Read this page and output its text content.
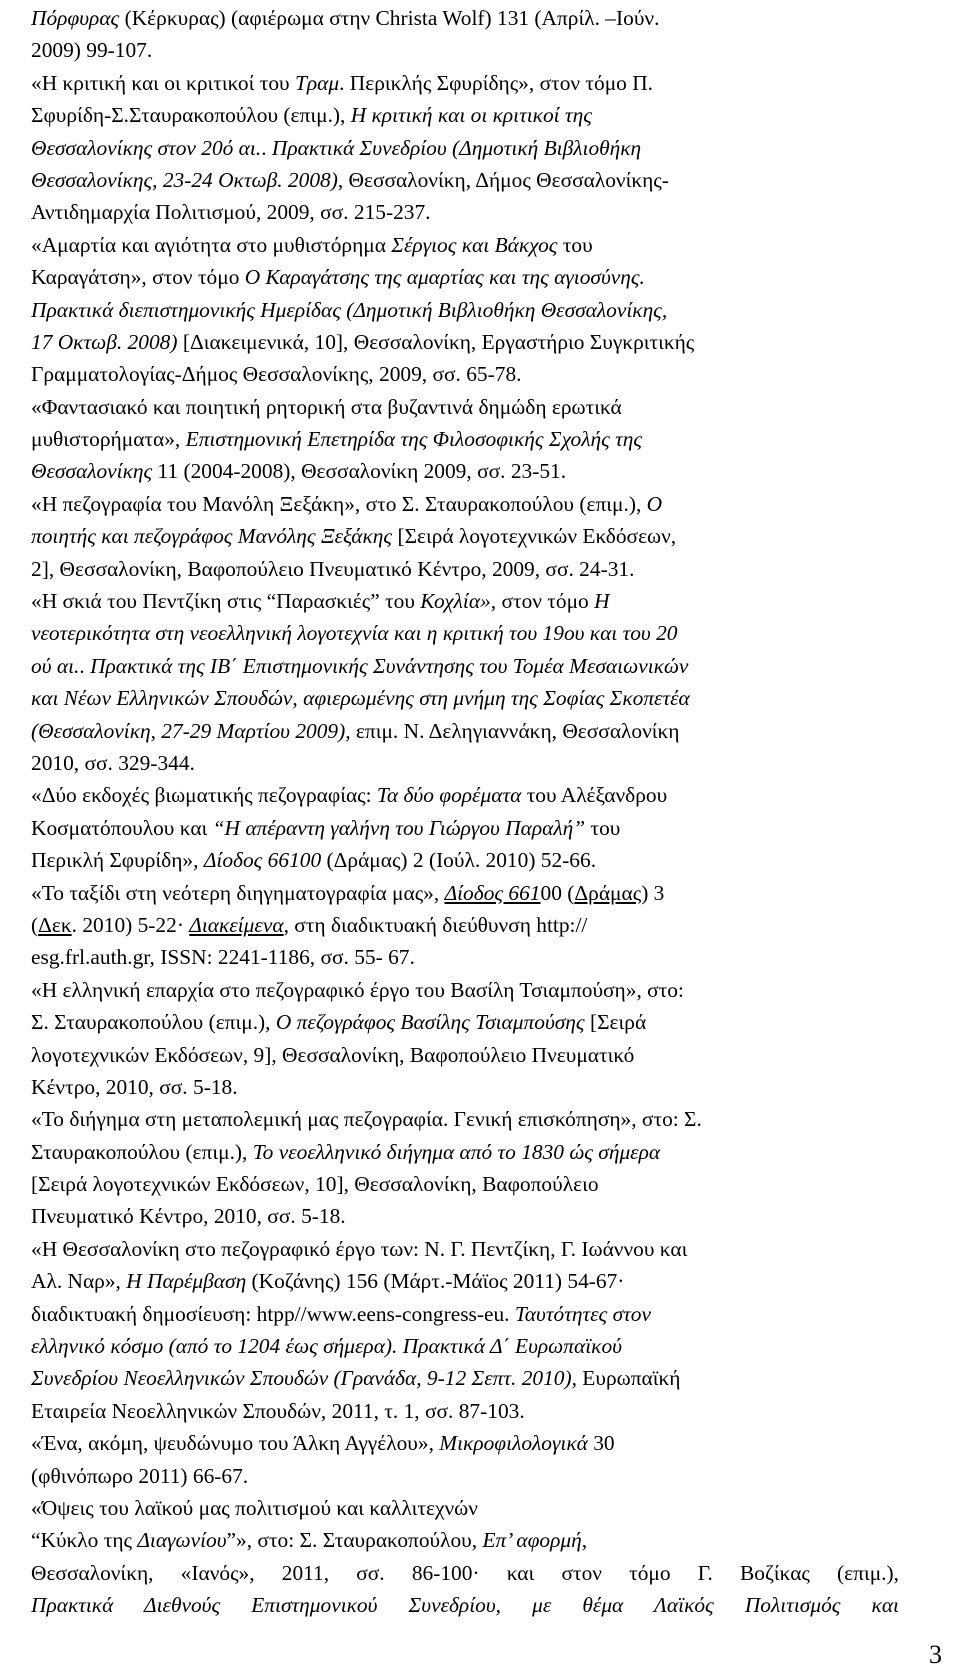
Πόρφυρας (Κέρκυρας) (αφιέρωμα στην Christa Wolf) 131 (Απρίλ. –Ιούν.
2009) 99-107.
«Η κριτική και οι κριτικοί του Τραμ. Περικλής Σφυρίδης», στον τόμο Π.
Σφυρίδη-Σ.Σταυρακοπούλου (επιμ.), Η κριτική και οι κριτικοί της
Θεσσαλονίκης στον 20ό αι.. Πρακτικά Συνεδρίου (Δημοτική Βιβλιοθήκη
Θεσσαλονίκης, 23-24 Οκτωβ. 2008), Θεσσαλονίκη, Δήμος Θεσσαλονίκης-
Αντιδημαρχία Πολιτισμού, 2009, σσ. 215-237.
«Αμαρτία και αγιότητα στο μυθιστόρημα Σέργιος και Βάκχος του
Καραγάτση», στον τόμο Ο Καραγάτσης της αμαρτίας και της αγιοσύνης.
Πρακτικά διεπιστημονικής Ημερίδας (Δημοτική Βιβλιοθήκη Θεσσαλονίκης,
17 Οκτωβ. 2008) [Διακειμενικά, 10], Θεσσαλονίκη, Εργαστήριο Συγκριτικής
Γραμματολογίας-Δήμος Θεσσαλονίκης, 2009, σσ. 65-78.
«Φαντασιακό και ποιητική ρητορική στα βυζαντινά δημώδη ερωτικά
μυθιστορήματα», Επιστημονική Επετηρίδα της Φιλοσοφικής Σχολής της
Θεσσαλονίκης 11 (2004-2008), Θεσσαλονίκη 2009, σσ. 23-51.
«Η πεζογραφία του Μανόλη Ξεξάκη», στο Σ. Σταυρακοπούλου (επιμ.), Ο
ποιητής και πεζογράφος Μανόλης Ξεξάκης [Σειρά λογοτεχνικών Εκδόσεων,
2], Θεσσαλονίκη, Βαφοπούλειο Πνευματικό Κέντρο, 2009, σσ. 24-31.
«Η σκιά του Πεντζίκη στις “Παρασκιές” του Κοχλία», στον τόμο Η
νεοτερικότητα στη νεοελληνική λογοτεχνία και η κριτική του 19ου και του 20
ού αι.. Πρακτικά της ΙΒ΄ Επιστημονικής Συνάντησης του Τομέα Μεσαιωνικών
και Νέων Ελληνικών Σπουδών, αφιερωμένης στη μνήμη της Σοφίας Σκοπετέα
(Θεσσαλονίκη, 27-29 Μαρτίου 2009), επιμ. Ν. Δεληγιαννάκη, Θεσσαλονίκη
2010, σσ. 329-344.
«Δύο εκδοχές βιωματικής πεζογραφίας: Τα δύο φορέματα του Αλέξανδρου
Κοσματόπουλου και “Η απέραντη γαλήνη του Γιώργου Παραλή” του
Περικλή Σφυρίδη», Δίοδος 66100 (Δράμας) 2 (Ιούλ. 2010) 52-66.
«Το ταξίδι στη νεότερη διηγηματογραφία μας», Δίοδος 66100 (Δράμας) 3
(Δεκ. 2010) 5-22· Διακείμενα, στη διαδικτυακή διεύθυνση http://
esg.frl.auth.gr, ISSN: 2241-1186, σσ. 55- 67.
«Η ελληνική επαρχία στο πεζογραφικό έργο του Βασίλη Τσιαμπούση», στο:
Σ. Σταυρακοπούλου (επιμ.), Ο πεζογράφος Βασίλης Τσιαμπούσης [Σειρά
λογοτεχνικών Εκδόσεων, 9], Θεσσαλονίκη, Βαφοπούλειο Πνευματικό
Κέντρο, 2010, σσ. 5-18.
«Το διήγημα στη μεταπολεμική μας πεζογραφία. Γενική επισκόπηση», στο: Σ.
Σταυρακοπούλου (επιμ.), Το νεοελληνικό διήγημα από το 1830 ώς σήμερα
[Σειρά λογοτεχνικών Εκδόσεων, 10], Θεσσαλονίκη, Βαφοπούλειο
Πνευματικό Κέντρο, 2010, σσ. 5-18.
«Η Θεσσαλονίκη στο πεζογραφικό έργο των: Ν. Γ. Πεντζίκη, Γ. Ιωάννου και
Αλ. Ναρ», Η Παρέμβαση (Κοζάνης) 156 (Μάρτ.-Μάϊος 2011) 54-67·
διαδικτυακή δημοσίευση: htpp//www.eens-congress-eu. Ταυτότητες στον
ελληνικό κόσμο (από το 1204 έως σήμερα). Πρακτικά Δ΄ Ευρωπαϊκού
Συνεδρίου Νεοελληνικών Σπουδών (Γρανάδα, 9-12 Σεπτ. 2010), Ευρωπαϊκή
Εταιρεία Νεοελληνικών Σπουδών, 2011, τ. 1, σσ. 87-103.
«Ένα, ακόμη, ψευδώνυμο του Άλκη Αγγέλου», Μικροφιλολογικά 30
(φθινόπωρο 2011) 66-67.
«Όψεις του λαϊκού μας πολιτισμού και καλλιτεχνών
“Κύκλο της Διαγωνίου”», στο: Σ. Σταυρακοπούλου, Επ’ αφορμή,
Θεσσαλονίκη, «Ιανός», 2011, σσ. 86-100· και στον τόμο Γ. Βοζίκας (επιμ.),
Πρακτικά Διεθνούς Επιστημονικού Συνεδρίου, με θέμα Λαϊκός Πολιτισμός και
3
